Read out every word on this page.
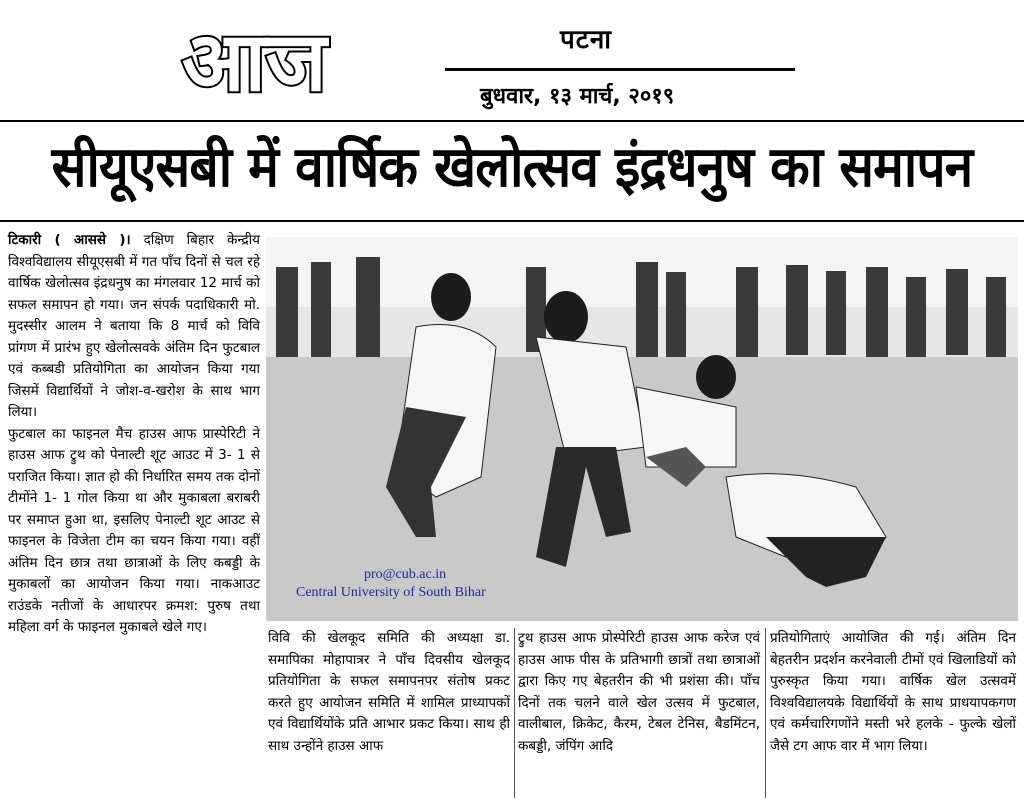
आज	पटना
बुधवार, १३ मार्च, २०१९
सीयूएसबी में वार्षिक खेलोत्सव इंद्रधनुष का समापन

टिकारी ( आससे )। दक्षिण बिहार केन्द्रीय विश्वविद्यालय सीयूएसबी में गत पाँच दिनों से चल रहे वार्षिक खेलोत्सव इंद्रधनुष का मंगलवार 12 मार्च को सफल समापन हो गया। जन संपर्क पदाधिकारी मो. मुदस्सीर आलम ने बताया कि 8 मार्च को विवि प्रांगण में प्रारंभ हुए खेलोत्सवके अंतिम दिन फुटबाल एवं कब्बडी प्रतियोगिता का आयोजन किया गया जिसमें विद्यार्थियों ने जोश-व-खरोश के साथ भाग लिया।

फुटबाल का फाइनल मैच हाउस आफ प्रास्पेरिटी ने हाउस आफ ट्रुथ को पेनाल्टी शूट आउट में 3- 1 से पराजित किया। ज्ञात हो की निर्धारित समय तक दोनों टीमोंने 1- 1 गोल किया था और मुकाबला बराबरी पर समाप्त हुआ था, इसलिए पेनाल्टी शूट आउट से फाइनल के विजेता टीम का चयन किया गया। वहीं अंतिम दिन छात्र तथा छात्राओं के लिए कबड्डी के मुकाबलों का आयोजन किया गया। नाकआउट राउंडके नतीजों के आधारपर क्रमश: पुरुष तथा महिला वर्ग के फाइनल मुकाबले खेले गए।

pro@cub.ac.in
Central University of South Bihar
विवि की खेलकूद समिति की अध्यक्षा डा. समापिका मोहापात्रर ने पाँच दिवसीय खेलकूद प्रतियोगिता के सफल समापनपर संतोष प्रकट करते हुए आयोजन समिति में शामिल प्राध्यापकों एवं विद्यार्थियोंके प्रति आभार प्रकट किया। साथ ही साथ उन्होंने हाउस आफ
ट्रुथ हाउस आफ प्रोस्पेरिटी हाउस आफ करेज एवं हाउस आफ पीस के प्रतिभागी छात्रों तथा छात्राओं द्वारा किए गए बेहतरीन की भी प्रशंसा की। पाँच दिनों तक चलने वाले खेल उत्सव में फुटबाल, वालीबाल, क्रिकेट, कैरम, टेबल टेनिस, बैडमिंटन, कबड्डी, जंपिंग आदि
प्रतियोगिताएं आयोजित की गई। अंतिम दिन बेहतरीन प्रदर्शन करनेवाली टीमों एवं खिलाडियों को पुरुस्कृत किया गया। वार्षिक खेल उत्सवमें विश्वविद्यालयके विद्यार्थियों के साथ प्राधयापकगण एवं कर्मचारिगणोंने मस्ती भरे हलके - फुल्के खेलों जैसे टग आफ वार में भाग लिया।
